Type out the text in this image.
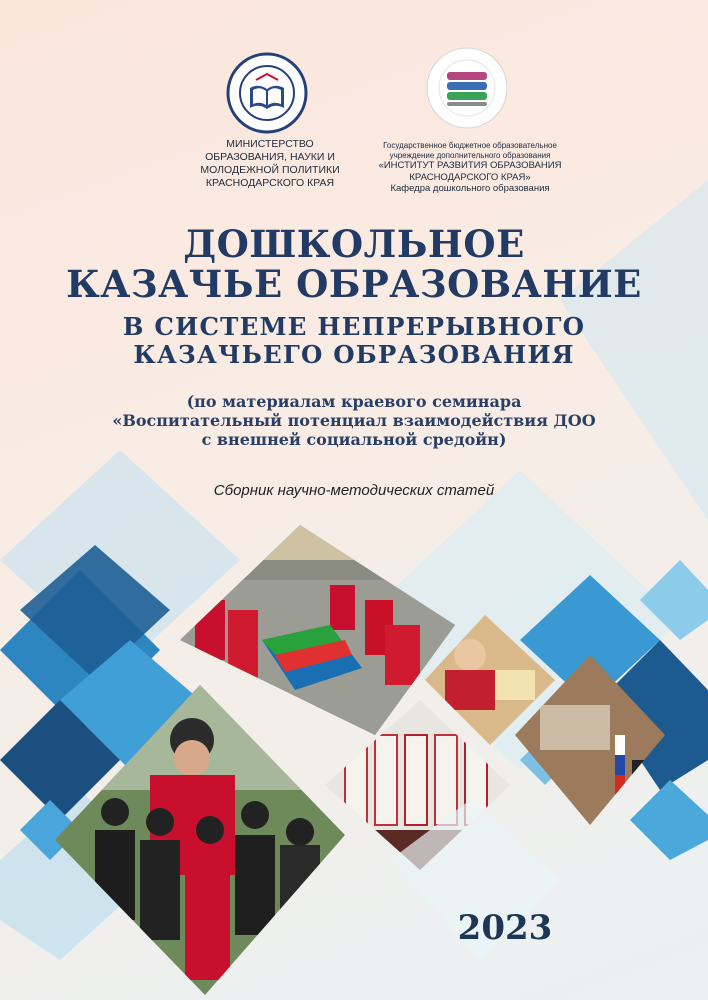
МИНИСТЕРСТВО
ОБРАЗОВАНИЯ, НАУКИ И
МОЛОДЕЖНОЙ ПОЛИТИКИ
КРАСНОДАРСКОГО КРАЯ
Государственное бюджетное образовательное
учреждение дополнительного образования
«ИНСТИТУТ РАЗВИТИЯ ОБРАЗОВАНИЯ
КРАСНОДАРСКОГО КРАЯ»
Кафедра дошкольного образования
ДОШКОЛЬНОЕ
КАЗАЧЬЕ ОБРАЗОВАНИЕ
В СИСТЕМЕ НЕПРЕРЫВНОГО
КАЗАЧЬЕГО ОБРАЗОВАНИЯ
(по материалам краевого семинара
«Воспитательный потенциал взаимодействия ДОО
с внешней социальной средойн)
Сборник научно-методических статей
2023
